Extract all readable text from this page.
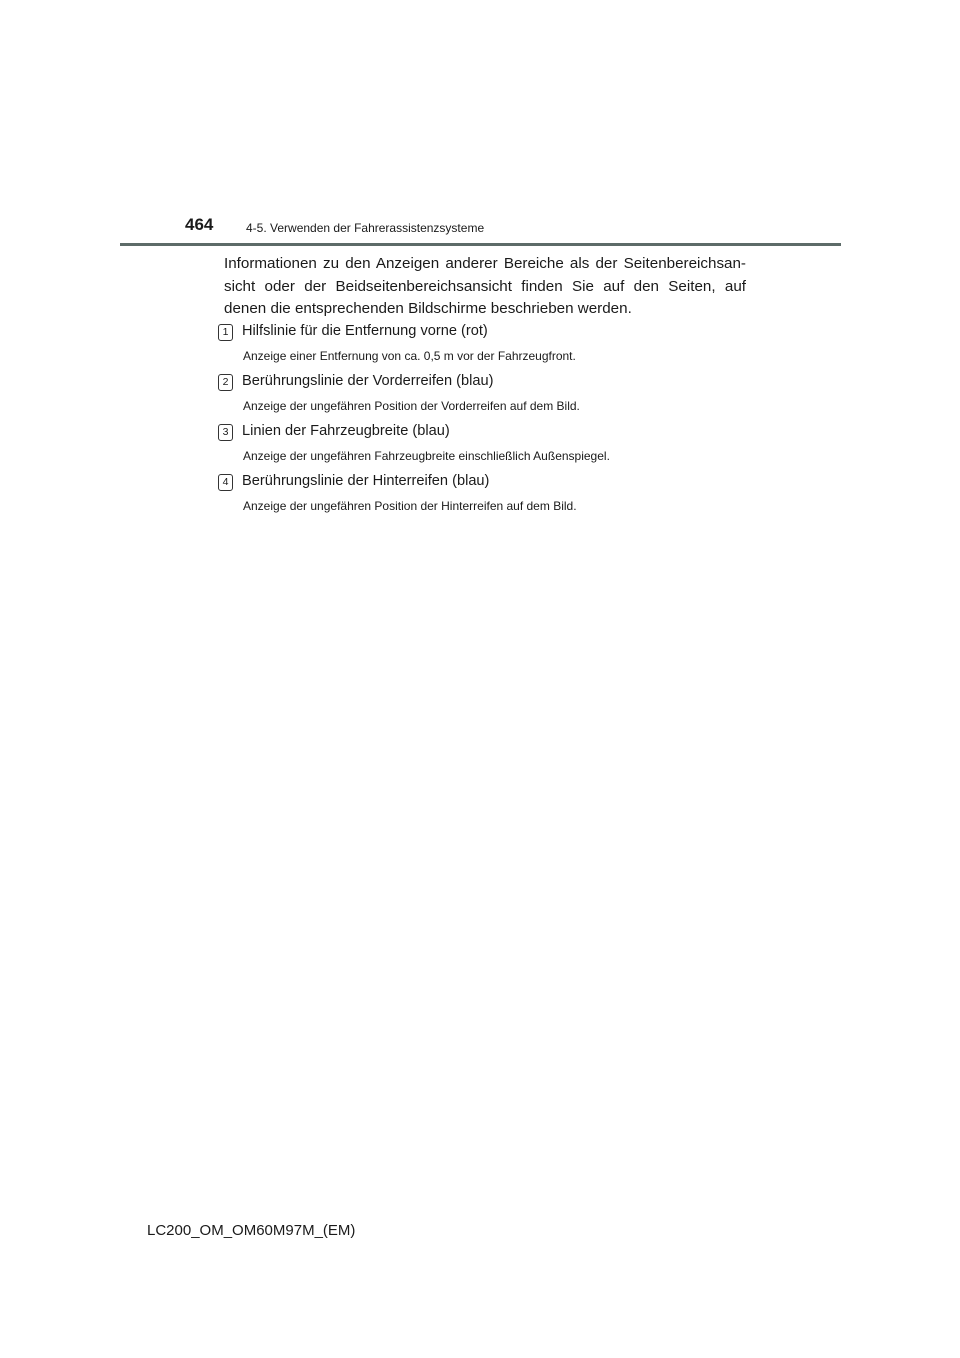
464	4-5. Verwenden der Fahrerassistenzsysteme

Informationen zu den Anzeigen anderer Bereiche als der Seitenbereichsan-sicht oder der Beidseitenbereichsansicht finden Sie auf den Seiten, auf denen die entsprechenden Bildschirme beschrieben werden.

1 Hilfslinie für die Entfernung vorne (rot)
Anzeige einer Entfernung von ca. 0,5 m vor der Fahrzeugfront.
2 Berührungslinie der Vorderreifen (blau)
Anzeige der ungefähren Position der Vorderreifen auf dem Bild.
3 Linien der Fahrzeugbreite (blau)
Anzeige der ungefähren Fahrzeugbreite einschließlich Außenspiegel.
4 Berührungslinie der Hinterreifen (blau)
Anzeige der ungefähren Position der Hinterreifen auf dem Bild.
LC200_OM_OM60M97M_(EM)
